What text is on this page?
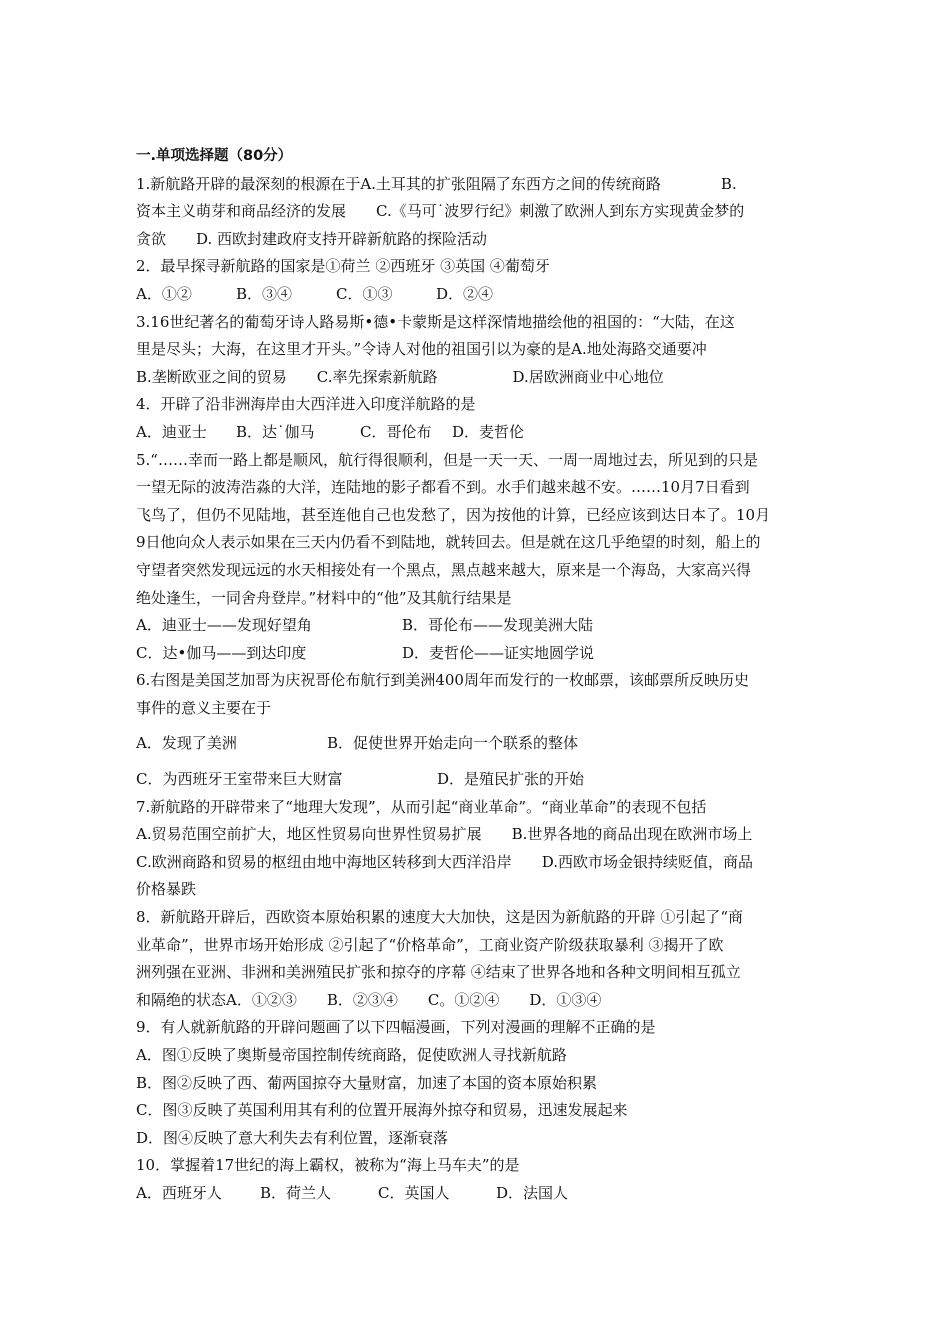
一.单项选择题（80分）
1.新航路开辟的最深刻的根源在于A.土耳其的扩张阻隔了东西方之间的传统商路　　　　B.
资本主义萌芽和商品经济的发展　　C.《马可˙波罗行纪》刺激了欧洲人到东方实现黄金梦的
贪欲　　D. 西欧封建政府支持开辟新航路的探险活动
2．最早探寻新航路的国家是①荷兰 ②西班牙 ③英国 ④葡萄牙
A．①②	B．③④	C．①③	D．②④
3.16世纪著名的葡萄牙诗人路易斯•德•卡蒙斯是这样深情地描绘他的祖国的：“大陆，在这
里是尽头；大海，在这里才开头。”令诗人对他的祖国引以为豪的是A.地处海路交通要冲
B.垄断欧亚之间的贸易　　C.率先探索新航路　　　　　D.居欧洲商业中心地位
4．开辟了沿非洲海岸由大西洋进入印度洋航路的是
A．迪亚士	B．达˙伽马	C．哥伦布	D．麦哲伦
5.“……幸而一路上都是顺风，航行得很顺利，但是一天一天、一周一周地过去，所见到的只是
一望无际的波涛浩淼的大洋，连陆地的影子都看不到。水手们越来越不安。……10月7日看到
飞鸟了，但仍不见陆地，甚至连他自己也发愁了，因为按他的计算，已经应该到达日本了。10月
9日他向众人表示如果在三天内仍看不到陆地，就转回去。但是就在这几乎绝望的时刻，船上的
守望者突然发现远远的水天相接处有一个黑点，黑点越来越大，原来是一个海岛，大家高兴得
绝处逢生，一同舍舟登岸。”材料中的“他”及其航行结果是
A．迪亚士——发现好望角	B．哥伦布——发现美洲大陆
C．达•伽马——到达印度	D．麦哲伦——证实地圆学说
6.右图是美国芝加哥为庆祝哥伦布航行到美洲400周年而发行的一枚邮票，该邮票所反映历史
事件的意义主要在于
A．发现了美洲	B．促使世界开始走向一个联系的整体
C．为西班牙王室带来巨大财富	D．是殖民扩张的开始
7.新航路的开辟带来了“地理大发现”，从而引起“商业革命”。“商业革命”的表现不包括
A.贸易范围空前扩大，地区性贸易向世界性贸易扩展　　B.世界各地的商品出现在欧洲市场上
C.欧洲商路和贸易的枢纽由地中海地区转移到大西洋沿岸　　D.西欧市场金银持续贬值，商品
价格暴跌
8．新航路开辟后，西欧资本原始积累的速度大大加快，这是因为新航路的开辟 ①引起了“商
业革命”，世界市场开始形成 ②引起了“价格革命”，工商业资产阶级获取暴利 ③揭开了欧
洲列强在亚洲、非洲和美洲殖民扩张和掠夺的序幕 ④结束了世界各地和各种文明间相互孤立
和隔绝的状态A．①②③　　B．②③④　　C。①②④　　D．①③④
9．有人就新航路的开辟问题画了以下四幅漫画，下列对漫画的理解不正确的是
A．图①反映了奥斯曼帝国控制传统商路，促使欧洲人寻找新航路
B．图②反映了西、葡两国掠夺大量财富，加速了本国的资本原始积累
C．图③反映了英国利用其有利的位置开展海外掠夺和贸易，迅速发展起来
D．图④反映了意大利失去有利位置，逐渐衰落
10．掌握着17世纪的海上霸权，被称为“海上马车夫”的是
A．西班牙人	B．荷兰人	C．英国人	D．法国人
